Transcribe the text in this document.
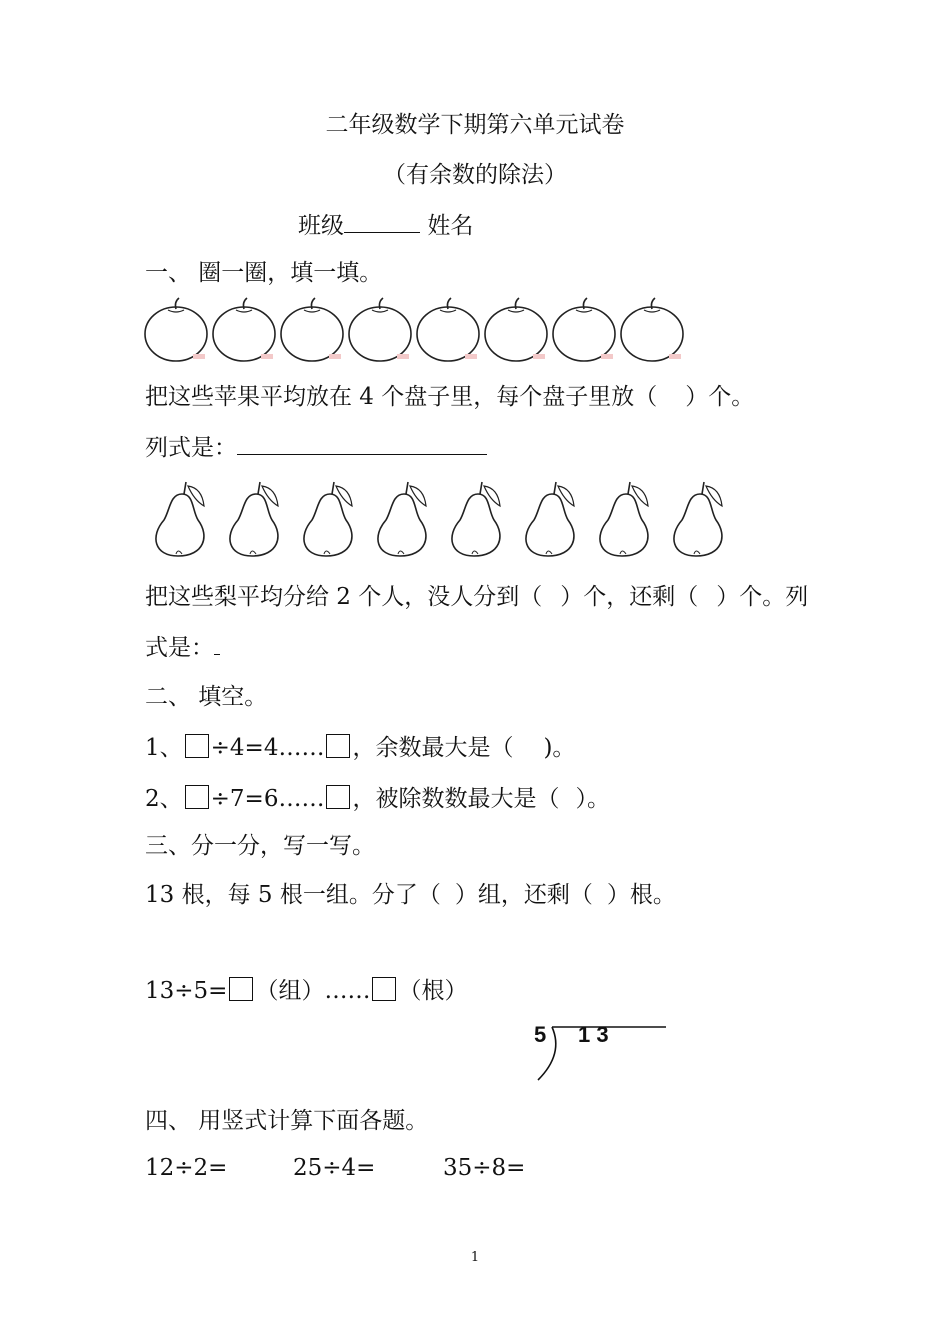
二年级数学下期第六单元试卷
（有余数的除法）
班级	姓名
一、 圈一圈，填一填。
把这些苹果平均放在 4 个盘子里，每个盘子里放（ ）个。
列式是：
把这些梨平均分给 2 个人，没人分到（ ）个，还剩（ ）个。列
式是：
二、 填空。
1、 ÷4=4…… ，余数最大是（ )。
2、 ÷7=6…… ，被除数数最大是（ ）。
三、分一分，写一写。
13 根，每 5 根一组。分了（ ）组，还剩（ ）根。
13÷5= （组）…… （根）
5 1 3
四、 用竖式计算下面各题。
12÷2=	25÷4=	35÷8=
1
